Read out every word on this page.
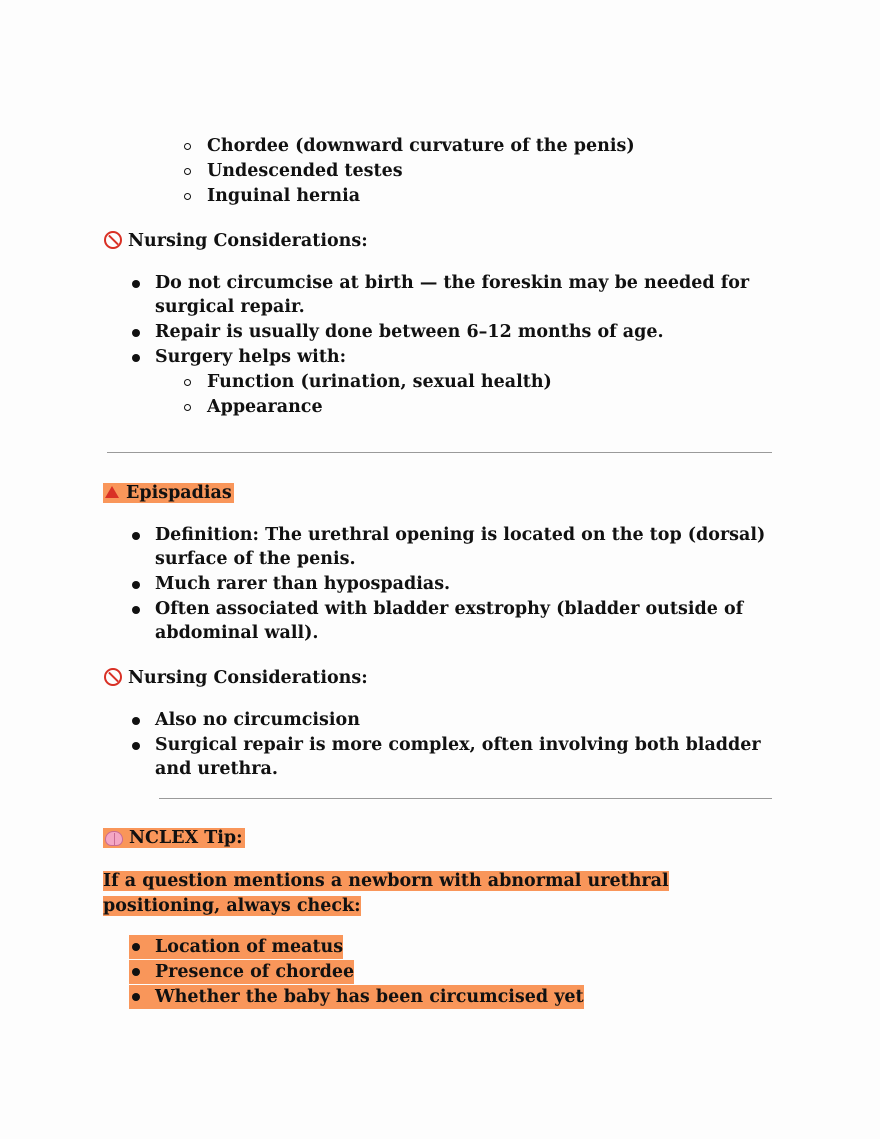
Chordee (downward curvature of the penis)
Undescended testes
Inguinal hernia
Nursing Considerations:
Do not circumcise at birth — the foreskin may be needed for
surgical repair.
Repair is usually done between 6–12 months of age.
Surgery helps with:
Function (urination, sexual health)
Appearance
Epispadias
Definition: The urethral opening is located on the top (dorsal)
surface of the penis.
Much rarer than hypospadias.
Often associated with bladder exstrophy (bladder outside of
abdominal wall).
Nursing Considerations:
Also no circumcision
Surgical repair is more complex, often involving both bladder
and urethra.
NCLEX Tip:
If a question mentions a newborn with abnormal urethral
positioning, always check:
Location of meatus
Presence of chordee
Whether the baby has been circumcised yet
